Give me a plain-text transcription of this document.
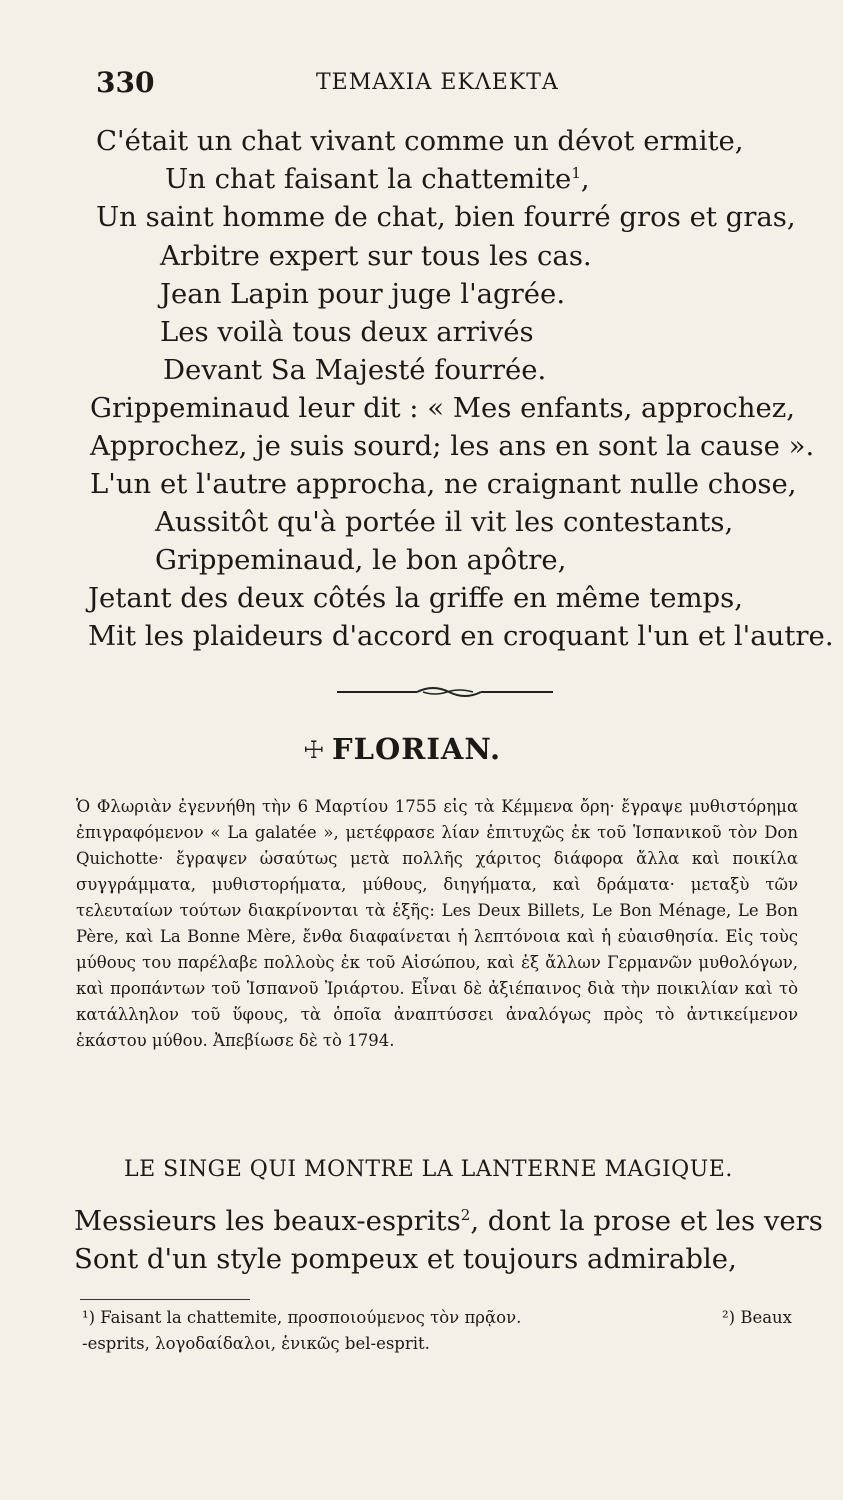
330	ΤΕΜΑΧΙΑ ΕΚΛΕΚΤΑ
C'était un chat vivant comme un dévot ermite,
Un chat faisant la chattemite$^1$,
Un saint homme de chat, bien fourré gros et gras,
Arbitre expert sur tous les cas.
Jean Lapin pour juge l'agrée.
Les voilà tous deux arrivés
Devant Sa Majesté fourrée.
Grippeminaud leur dit : « Mes enfants, approchez,
Approchez, je suis sourd; les ans en sont la cause ».
L'un et l'autre approcha, ne craignant nulle chose,
Aussitôt qu'à portée il vit les contestants,
Grippeminaud, le bon apôtre,
Jetant des deux côtés la griffe en même temps,
Mit les plaideurs d'accord en croquant l'un et l'autre.
☩ FLORIAN.
Ὁ Φλωριὰν ἐγεννήθη τὴν 6 Μαρτίου 1755 εἰς τὰ Κέμμενα ὄρη· ἔγραψε μυθιστόρημα ἐπιγραφόμενον « La galatée », μετέφρασε λίαν ἐπιτυχῶς ἐκ τοῦ Ἱσπανικοῦ τὸν Don Quichotte· ἔγραψεν ὡσαύτως μετὰ πολλῆς χάριτος διάφορα ἄλλα καὶ ποικίλα συγγράμματα, μυθιστορήματα, μύθους, διηγήματα, καὶ δράματα· μεταξὺ τῶν τελευταίων τούτων διακρίνονται τὰ ἑξῆς: Les Deux Billets, Le Bon Ménage, Le Bon Père, καὶ La Bonne Mère, ἔνθα διαφαίνεται ἡ λεπτόνοια καὶ ἡ εὐαισθησία. Εἰς τοὺς μύθους του παρέλαβε πολλοὺς ἐκ τοῦ Αἰσώπου, καὶ ἐξ ἄλλων Γερμανῶν μυθολόγων, καὶ προπάντων τοῦ Ἱσπανοῦ Ἰριάρτου. Εἶναι δὲ ἀξιέπαινος διὰ τὴν ποικιλίαν καὶ τὸ κατάλληλον τοῦ ὕφους, τὰ ὁποῖα ἀναπτύσσει ἀναλόγως πρὸς τὸ ἀντικείμενον ἑκάστου μύθου. Ἀπεβίωσε δὲ τὸ 1794.
LE SINGE QUI MONTRE LA LANTERNE MAGIQUE.
Messieurs les beaux-esprits$^2$, dont la prose et les vers
Sont d'un style pompeux et toujours admirable,
¹) Faisant la chattemite, προσποιούμενος τὸν πρᾷον.	²) Beaux
-esprits, λογοδαίδαλοι, ἑνικῶς bel-esprit.
